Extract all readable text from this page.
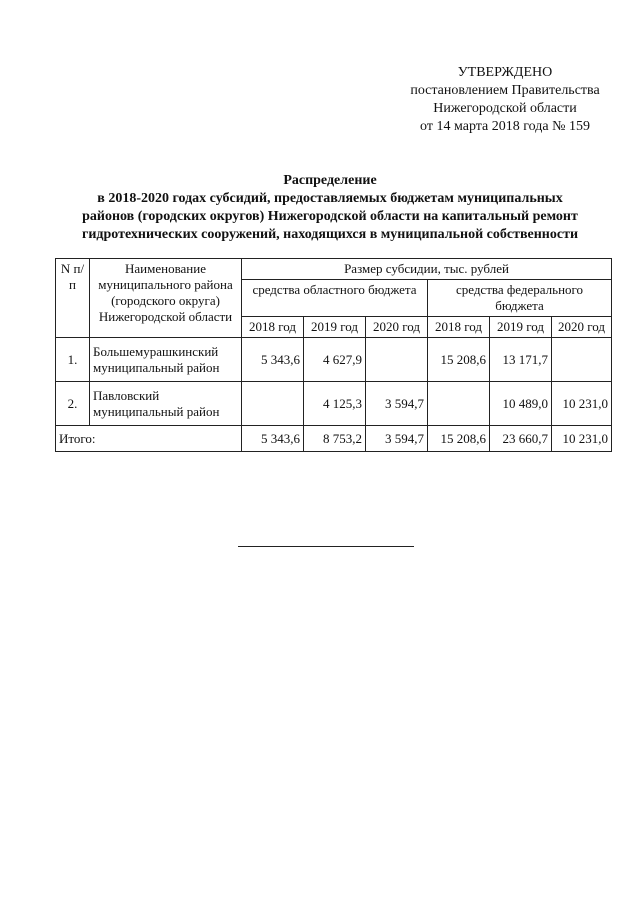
УТВЕРЖДЕНО
постановлением Правительства
Нижегородской области
от 14 марта 2018 года № 159
Распределение
в 2018-2020 годах субсидий, предоставляемых бюджетам муниципальных
районов (городских округов) Нижегородской области на капитальный ремонт
гидротехнических сооружений, находящихся в муниципальной собственности
N п/п	Наименование муниципального района (городского округа) Нижегородской области	Размер субсидии, тыс. рублей					
		средства областного бюджета			средства федерального бюджета		
		2018 год	2019 год	2020 год	2018 год	2019 год	2020 год
1.	Большемурашкинский муниципальный район	5 343,6	4 627,9		15 208,6	13 171,7	
2.	Павловский муниципальный район		4 125,3	3 594,7		10 489,0	10 231,0
Итого:		5 343,6	8 753,2	3 594,7	15 208,6	23 660,7	10 231,0
